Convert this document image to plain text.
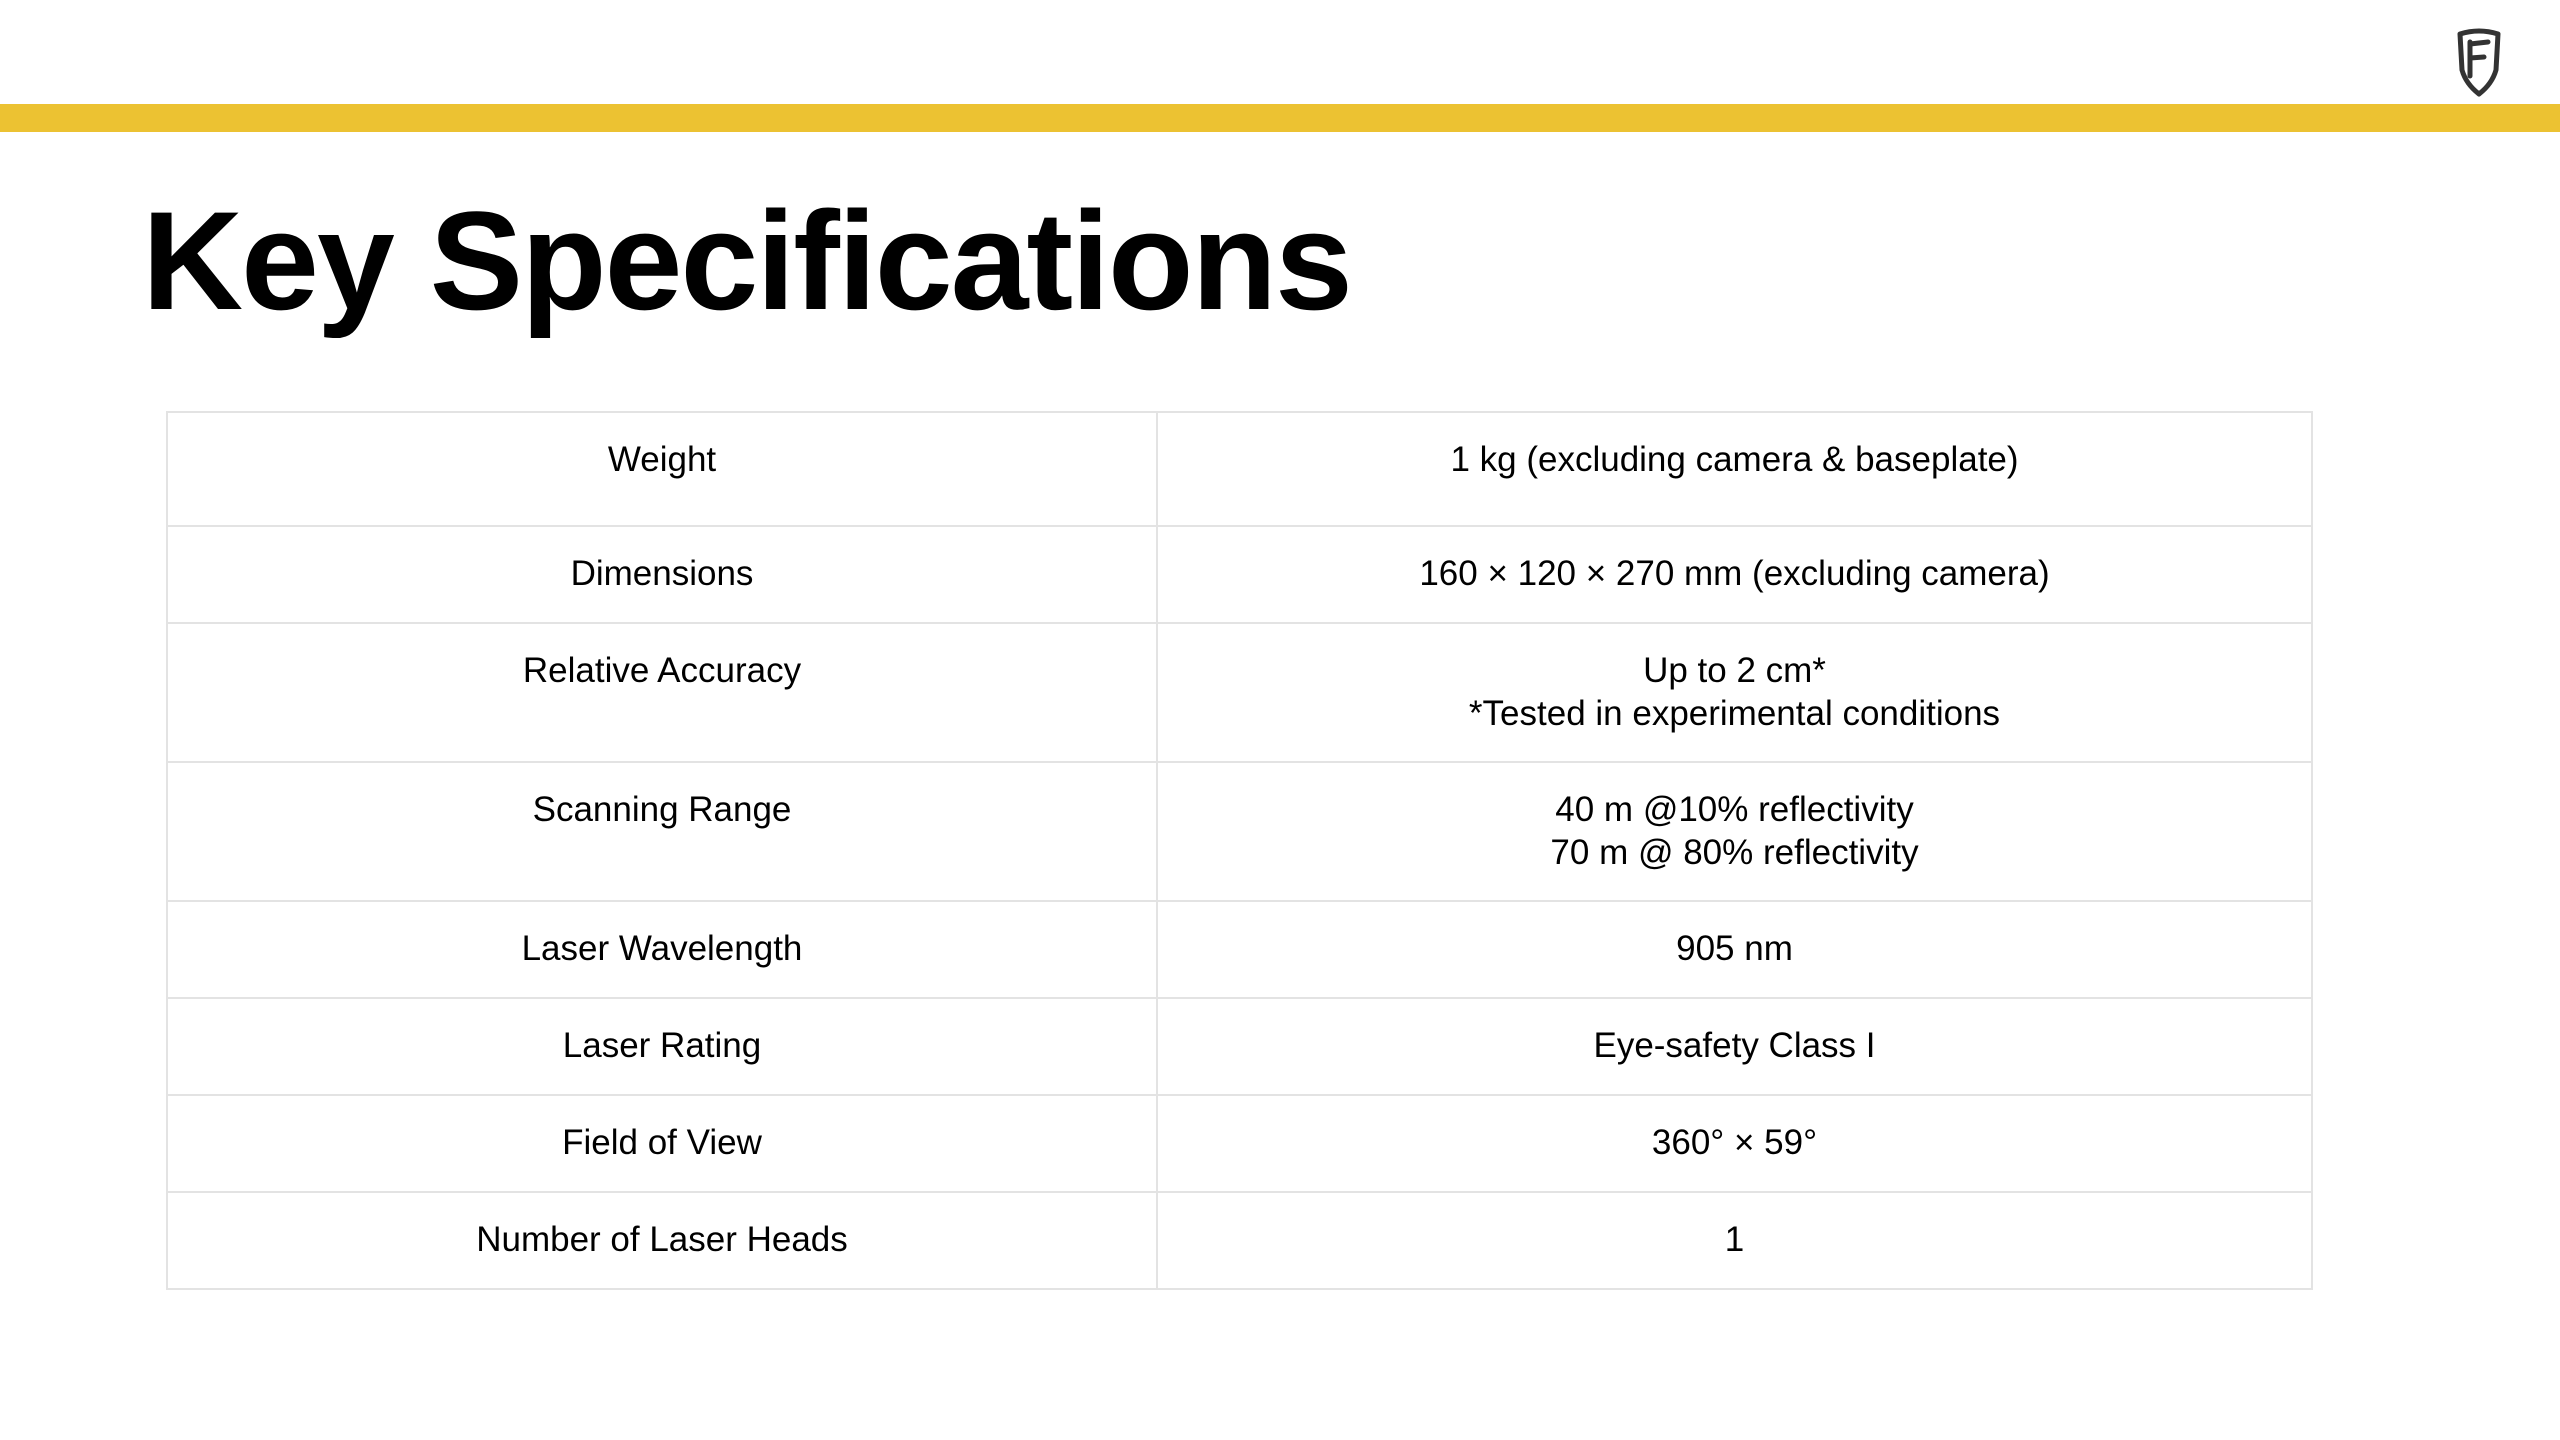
Key Specifications
Weight	1 kg (excluding camera & baseplate)

Dimensions	160 × 120 × 270 mm (excluding camera)

Relative Accuracy	Up to 2 cm*
*Tested in experimental conditions

Scanning Range	40 m @10% reflectivity
70 m @ 80% reflectivity

Laser Wavelength	905 nm

Laser Rating	Eye-safety Class I

Field of View	360° × 59°

Number of Laser Heads	1
